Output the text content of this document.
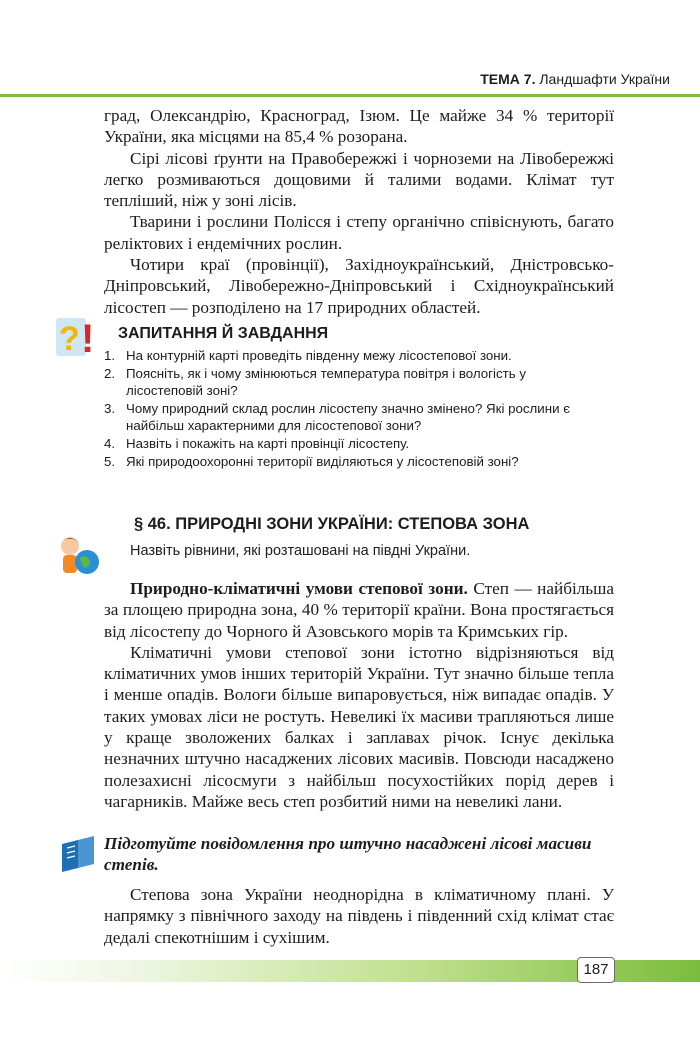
ТЕМА 7. Ландшафти України

град, Олександрію, Красноград, Ізюм. Це майже 34 % території України, яка місцями на 85,4 % розорана.

Сірі лісові ґрунти на Правобережжі і чорноземи на Лівобережжі легко розмиваються дощовими й талими водами. Клімат тут тепліший, ніж у зоні лісів.

Тварини і рослини Полісся і степу органічно співіснують, багато реліктових і ендемічних рослин.

Чотири краї (провінції), Західноукраїнський, Дністровсько-Дніпровський, Лівобережно-Дніпровський і Східноукраїнський лісостеп — розподілено на 17 природних областей.

? ! ЗАПИТАННЯ Й ЗАВДАННЯ
1. На контурній карті проведіть південну межу лісостепової зони.
2. Поясніть, як і чому змінюються температура повітря і вологість у лісостеповій зоні?
3. Чому природний склад рослин лісостепу значно змінено? Які рослини є найбільш характерними для лісостепової зони?
4. Назвіть і покажіть на карті провінції лісостепу.
5. Які природоохоронні території виділяються у лісостеповій зоні?
§ 46. ПРИРОДНІ ЗОНИ УКРАЇНИ: СТЕПОВА ЗОНА
Назвіть рівнини, які розташовані на півдні України.

Природно-кліматичні умови степової зони. Степ — найбільша за площею природна зона, 40 % території країни. Вона простягається від лісостепу до Чорного й Азовського морів та Кримських гір.

Кліматичні умови степової зони істотно відрізняються від кліматичних умов інших територій України. Тут значно більше тепла і менше опадів. Вологи більше випаровується, ніж випадає опадів. У таких умовах ліси не ростуть. Невеликі їх масиви трапляються лише у краще зволожених балках і заплавах річок. Існує декілька незначних штучно насаджених лісових масивів. Повсюди насаджено полезахисні лісосмуги з найбільш посухостійких порід дерев і чагарників. Майже весь степ розбитий ними на невеликі лани.

Підготуйте повідомлення про штучно насаджені лісові масиви степів.

Степова зона України неоднорідна в кліматичному плані. У напрямку з північного заходу на південь і південний схід клімат стає дедалі спекотнішим і сухішим.

187
